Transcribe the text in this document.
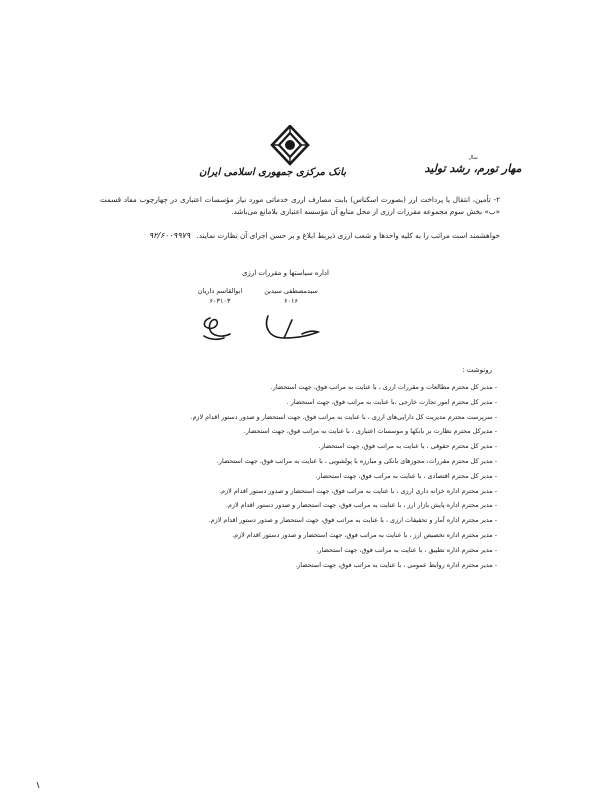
بانک مرکزی جمهوری اسلامی ایران
سال
مهار تورم، رشد تولید
۲- تأمین، انتقال یا پرداخت ارز (بصورت اسکناس) بابت مصارف ارزی خدماتی مورد نیاز مؤسسات اعتباری در چهارچوب مفاد قسمت «ب» بخش سوم مجموعه مقررات ارزی از محل منابع آن مؤسسه اعتباری بلامانع می‌باشد.
خواهشمند است مراتب را به کلیه واحدها و شعب ارزی ذیربط ابلاغ و بر حسن اجرای آن نظارت نمایند. ۹۲/۶۰۰۹۹۷۹
اداره سیاستها و مقررات ارزی
سیدمصطفی سیدین
۶۰۱۶
ابوالقاسم داریان
۶۰۳۱۰۳
رونوشت :
- مدیر کل محترم مطالعات و مقررات ارزی ، با عنایت به مراتب فوق، جهت استحضار.
- مدیر کل محترم امور تجارت خارجی ،با عنایت به مراتب فوق، جهت استحضار .
- سرپرست محترم مدیریت کل دارایی‌های ارزی ، با عنایت به مراتب فوق، جهت استحضار و صدور دستور اقدام لازم.
- مدیرکل محترم نظارت بر بانکها و موسسات اعتباری ، با عنایت به مراتب فوق، جهت استحضار.
- مدیر کل محترم حقوقی ، با عنایت به مراتب فوق، جهت استحضار.
- مدیر کل محترم مقررات، مجوزهای بانکی و مبارزه با پولشویی ، با عنایت به مراتب فوق، جهت استحضار.
- مدیر کل محترم اقتصادی ، با عنایت به مراتب فوق، جهت استحضار.
- مدیر محترم اداره خزانه داری ارزی ، با عنایت به مراتب فوق، جهت استحضار و صدور دستور اقدام لازم.
- مدیر محترم اداره پایش بازار ارز ، با عنایت به مراتب فوق، جهت استحضار و صدور دستور اقدام لازم.
- مدیر محترم اداره آمار و تحقیقات ارزی ، با عنایت به مراتب فوق، جهت استحضار و صدور دستور اقدام لازم.
- مدیر محترم اداره تخصیص ارز ، با عنایت به مراتب فوق، جهت استحضار و صدور دستور اقدام لازم.
- مدیر محترم اداره تطبیق ، با عنایت به مراتب فوق، جهت استحضار.
- مدیر محترم اداره روابط عمومی ، با عنایت به مراتب فوق، جهت استحضار.
